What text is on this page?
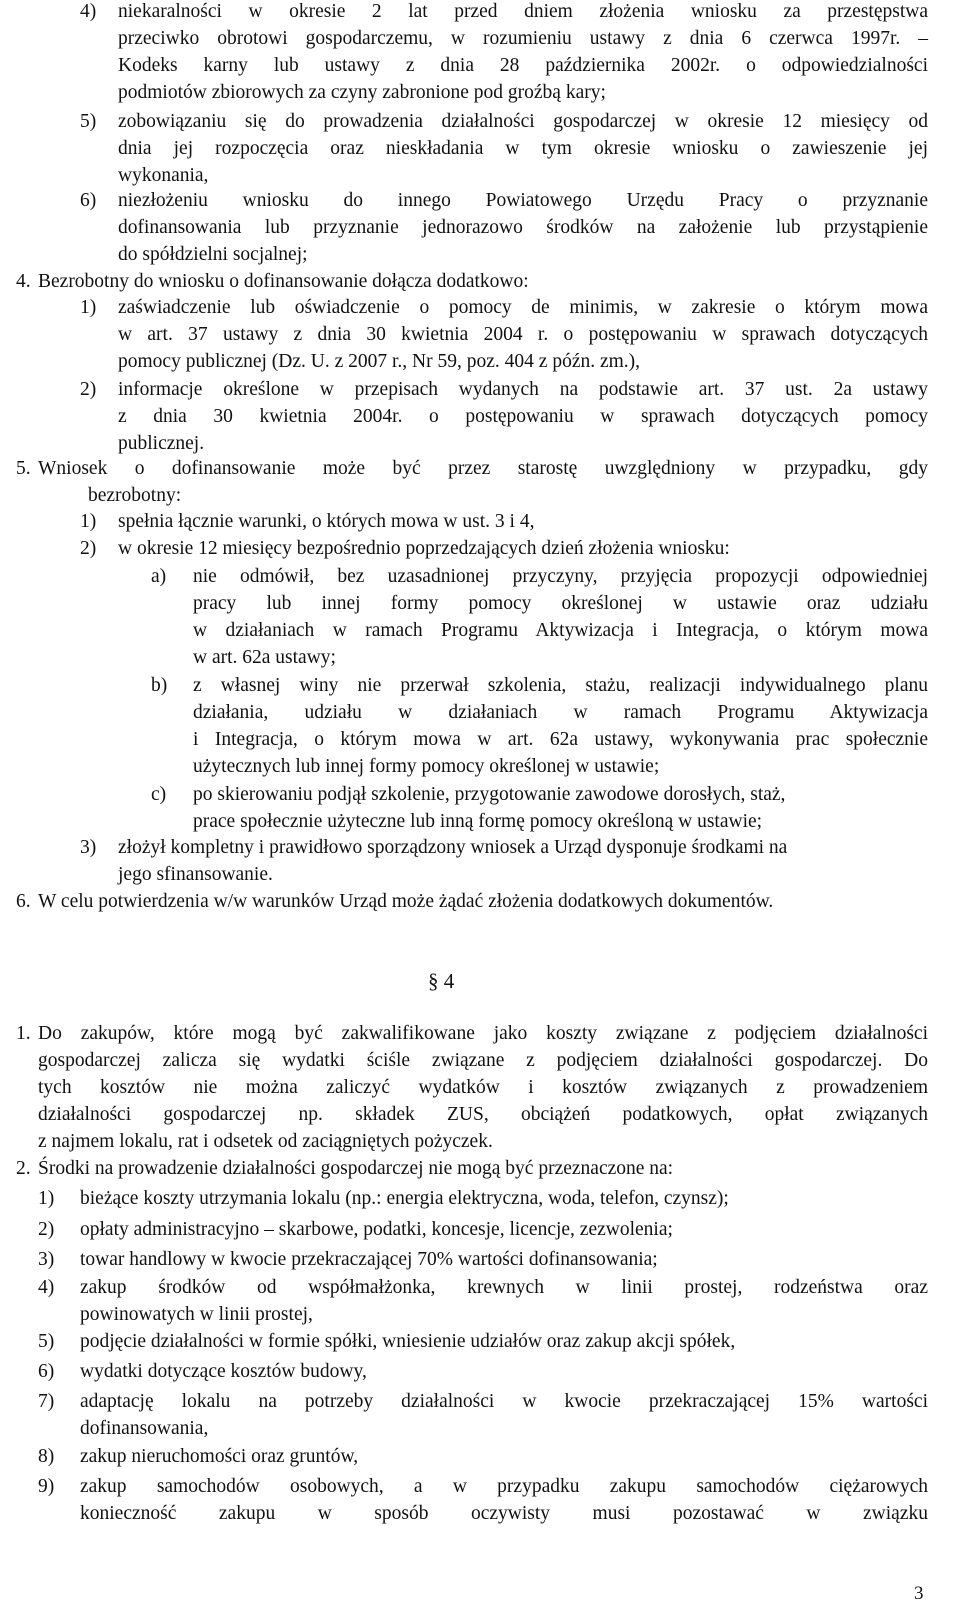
4) niekaralności w okresie 2 lat przed dniem złożenia wniosku za przestępstwa
przeciwko obrotowi gospodarczemu, w rozumieniu ustawy z dnia 6 czerwca 1997r. –
Kodeks karny lub ustawy z dnia 28 października 2002r. o odpowiedzialności
podmiotów zbiorowych za czyny zabronione pod groźbą kary;
5) zobowiązaniu się do prowadzenia działalności gospodarczej w okresie 12 miesięcy od
dnia jej rozpoczęcia oraz nieskładania w tym okresie wniosku o zawieszenie jej
wykonania,
6) niezłożeniu wniosku do innego Powiatowego Urzędu Pracy o przyznanie
dofinansowania lub przyznanie jednorazowo środków na założenie lub przystąpienie
do spółdzielni socjalnej;
4. Bezrobotny do wniosku o dofinansowanie dołącza dodatkowo:
1) zaświadczenie lub oświadczenie o pomocy de minimis, w zakresie o którym mowa
w art. 37 ustawy z dnia 30 kwietnia 2004 r. o postępowaniu w sprawach dotyczących
pomocy publicznej (Dz. U. z 2007 r., Nr 59, poz. 404 z późn. zm.),
2) informacje określone w przepisach wydanych na podstawie art. 37 ust. 2a ustawy
z dnia 30 kwietnia 2004r. o postępowaniu w sprawach dotyczących pomocy
publicznej.
5. Wniosek o dofinansowanie może być przez starostę uwzględniony w przypadku, gdy
bezrobotny:
1) spełnia łącznie warunki, o których mowa w ust. 3 i 4,
2) w okresie 12 miesięcy bezpośrednio poprzedzających dzień złożenia wniosku:
a) nie odmówił, bez uzasadnionej przyczyny, przyjęcia propozycji odpowiedniej
pracy lub innej formy pomocy określonej w ustawie oraz udziału
w działaniach w ramach Programu Aktywizacja i Integracja, o którym mowa
w art. 62a ustawy;
b) z własnej winy nie przerwał szkolenia, stażu, realizacji indywidualnego planu
działania, udziału w działaniach w ramach Programu Aktywizacja
i Integracja, o którym mowa w art. 62a ustawy, wykonywania prac społecznie
użytecznych lub innej formy pomocy określonej w ustawie;
c) po skierowaniu podjął szkolenie, przygotowanie zawodowe dorosłych, staż,
prace społecznie użyteczne lub inną formę pomocy określoną w ustawie;
3) złożył kompletny i prawidłowo sporządzony wniosek a Urząd dysponuje środkami na
jego sfinansowanie.
6. W celu potwierdzenia w/w warunków Urząd może żądać złożenia dodatkowych dokumentów.
1. Do zakupów, które mogą być zakwalifikowane jako koszty związane z podjęciem działalności
gospodarczej zalicza się wydatki ściśle związane z podjęciem działalności gospodarczej. Do
tych kosztów nie można zaliczyć wydatków i kosztów związanych z prowadzeniem
działalności gospodarczej np. składek ZUS, obciążeń podatkowych, opłat związanych
z najmem lokalu, rat i odsetek od zaciągniętych pożyczek.
2. Środki na prowadzenie działalności gospodarczej nie mogą być przeznaczone na:
1) bieżące koszty utrzymania lokalu (np.: energia elektryczna, woda, telefon, czynsz);
2) opłaty administracyjno – skarbowe, podatki, koncesje, licencje, zezwolenia;
3) towar handlowy w kwocie przekraczającej 70% wartości dofinansowania;
4) zakup środków od współmałżonka, krewnych w linii prostej, rodzeństwa oraz
powinowatych w linii prostej,
5) podjęcie działalności w formie spółki, wniesienie udziałów oraz zakup akcji spółek,
6) wydatki dotyczące kosztów budowy,
7) adaptację lokalu na potrzeby działalności w kwocie przekraczającej 15% wartości
dofinansowania,
8) zakup nieruchomości oraz gruntów,
9) zakup samochodów osobowych, a w przypadku zakupu samochodów ciężarowych
konieczność zakupu w sposób oczywisty musi pozostawać w związku
§ 4
3
